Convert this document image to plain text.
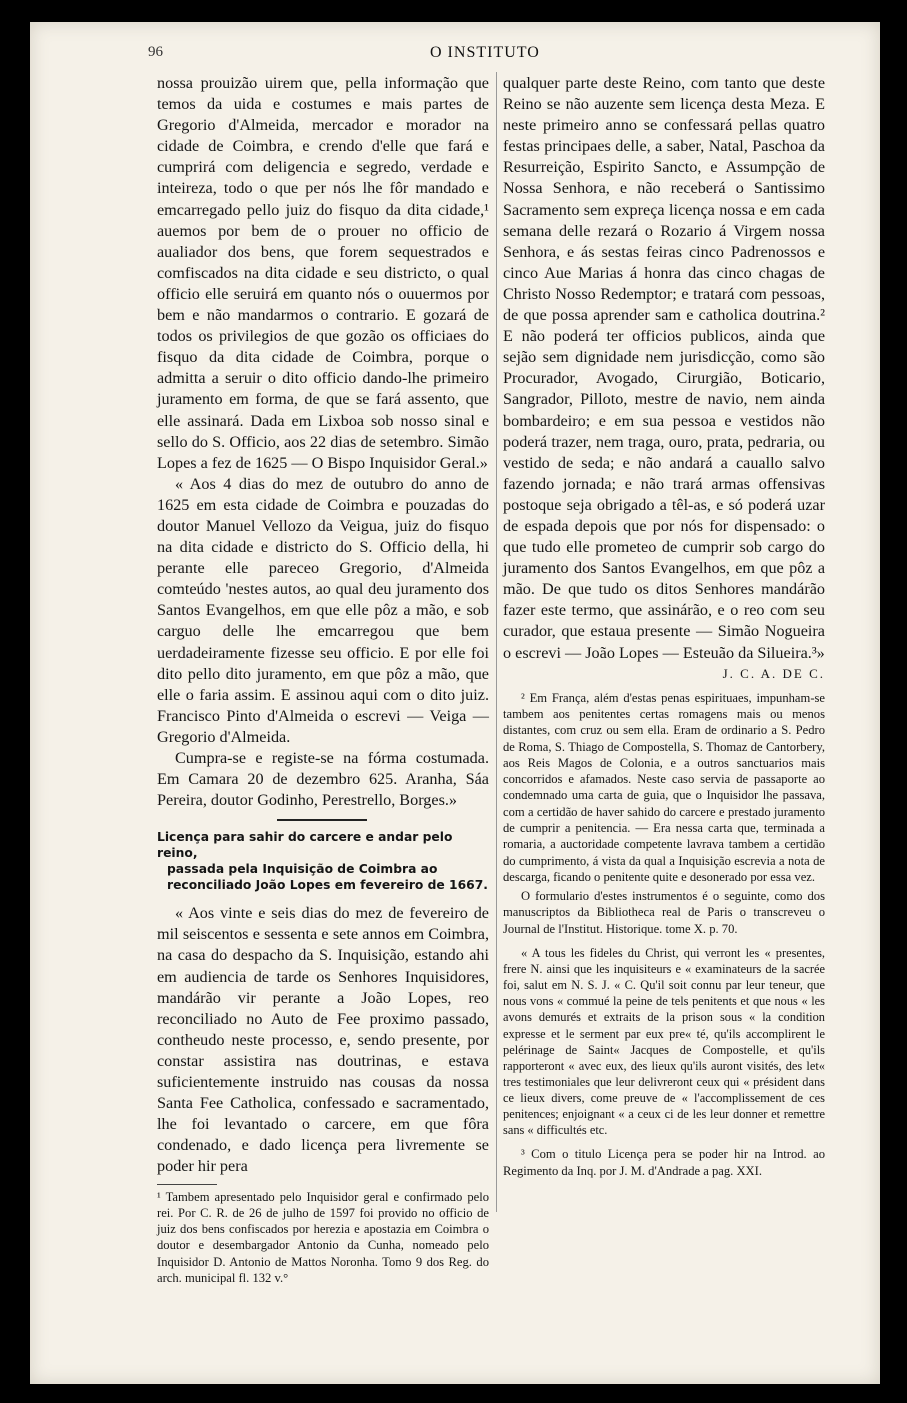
96	O INSTITUTO

nossa prouizão uirem que, pella informação que temos da uida e costumes e mais partes de Gregorio d'Almeida, mercador e morador na cidade de Coimbra, e crendo d'elle que fará e cumprirá com deligencia e segredo, verdade e inteireza, todo o que per nós lhe fôr mandado e emcarregado pello juiz do fisquo da dita cidade,¹ auemos por bem de o prouer no officio de aualiador dos bens, que forem sequestrados e comfiscados na dita cidade e seu districto, o qual officio elle seruirá em quanto nós o ouuermos por bem e não mandarmos o contrario. E gozará de todos os privilegios de que gozão os officiaes do fisquo da dita cidade de Coimbra, porque o admitta a seruir o dito officio dando-lhe primeiro juramento em forma, de que se fará assento, que elle assinará. Dada em Lixboa sob nosso sinal e sello do S. Officio, aos 22 dias de setembro. Simão Lopes a fez de 1625 — O Bispo Inquisidor Geral.»

« Aos 4 dias do mez de outubro do anno de 1625 em esta cidade de Coimbra e pouzadas do doutor Manuel Vellozo da Veigua, juiz do fisquo na dita cidade e districto do S. Officio della, hi perante elle pareceo Gregorio, d'Almeida comteúdo 'nestes autos, ao qual deu juramento dos Santos Evangelhos, em que elle pôz a mão, e sob carguo delle lhe emcarregou que bem uerdadeiramente fizesse seu officio. E por elle foi dito pello dito juramento, em que pôz a mão, que elle o faria assim. E assinou aqui com o dito juiz. Francisco Pinto d'Almeida o escrevi — Veiga — Gregorio d'Almeida.

Cumpra-se e registe-se na fórma costumada. Em Camara 20 de dezembro 625. Aranha, Sáa Pereira, doutor Godinho, Perestrello, Borges.»

Licença para sahir do carcere e andar pelo reino,
passada pela Inquisição de Coimbra ao reconciliado João Lopes em fevereiro de 1667.

« Aos vinte e seis dias do mez de fevereiro de mil seiscentos e sessenta e sete annos em Coimbra, na casa do despacho da S. Inquisição, estando ahi em audiencia de tarde os Senhores Inquisidores, mandárão vir perante a João Lopes, reo reconciliado no Auto de Fee proximo passado, contheudo neste processo, e, sendo presente, por constar assistira nas doutrinas, e estava suficientemente instruido nas cousas da nossa Santa Fee Catholica, confessado e sacramentado, lhe foi levantado o carcere, em que fôra condenado, e dado licença pera livremente se poder hir pera

¹ Tambem apresentado pelo Inquisidor geral e confirmado pelo rei. Por C. R. de 26 de julho de 1597 foi provido no officio de juiz dos bens confiscados por herezia e apostazia em Coimbra o doutor e desembargador Antonio da Cunha, nomeado pelo Inquisidor D. Antonio de Mattos Noronha. Tomo 9 dos Reg. do arch. municipal fl. 132 v.°

qualquer parte deste Reino, com tanto que deste Reino se não auzente sem licença desta Meza. E neste primeiro anno se confessará pellas quatro festas principaes delle, a saber, Natal, Paschoa da Resurreição, Espirito Sancto, e Assumpção de Nossa Senhora, e não receberá o Santissimo Sacramento sem expreça licença nossa e em cada semana delle rezará o Rozario á Virgem nossa Senhora, e ás sestas feiras cinco Padrenossos e cinco Aue Marias á honra das cinco chagas de Christo Nosso Redemptor; e tratará com pessoas, de que possa aprender sam e catholica doutrina.² E não poderá ter officios publicos, ainda que sejão sem dignidade nem jurisdicção, como são Procurador, Avogado, Cirurgião, Boticario, Sangrador, Pilloto, mestre de navio, nem ainda bombardeiro; e em sua pessoa e vestidos não poderá trazer, nem traga, ouro, prata, pedraria, ou vestido de seda; e não andará a cauallo salvo fazendo jornada; e não trará armas offensivas postoque seja obrigado a têl-as, e só poderá uzar de espada depois que por nós for dispensado: o que tudo elle prometeo de cumprir sob cargo do juramento dos Santos Evangelhos, em que pôz a mão. De que tudo os ditos Senhores mandárão fazer este termo, que assinárão, e o reo com seu curador, que estaua presente — Simão Nogueira o escrevi — João Lopes — Esteuão da Silueira.³»

J. C. A. DE C.

² Em França, além d'estas penas espirituaes, impunham-se tambem aos penitentes certas romagens mais ou menos distantes, com cruz ou sem ella. Eram de ordinario a S. Pedro de Roma, S. Thiago de Compostella, S. Thomaz de Cantorbery, aos Reis Magos de Colonia, e a outros sanctuarios mais concorridos e afamados. Neste caso servia de passaporte ao condemnado uma carta de guia, que o Inquisidor lhe passava, com a certidão de haver sahido do carcere e prestado juramento de cumprir a penitencia. — Era nessa carta que, terminada a romaria, a auctoridade competente lavrava tambem a certidão do cumprimento, á vista da qual a Inquisição escrevia a nota de descarga, ficando o penitente quite e desonerado por essa vez.

O formulario d'estes instrumentos é o seguinte, como dos manuscriptos da Bibliotheca real de Paris o transcreveu o Journal de l'Institut. Historique. tome X. p. 70.

« A tous les fideles du Christ, qui verront les « presentes, frere N. ainsi que les inquisiteurs e « examinateurs de la sacrée foi, salut em N. S. J. « C. Qu'il soit connu par leur teneur, que nous vons « commué la peine de tels penitents et que nous « les avons demurés et extraits de la prison sous « la condition expresse et le serment par eux pre« té, qu'ils accomplirent le pelérinage de Saint« Jacques de Compostelle, et qu'ils rapporteront « avec eux, des lieux qu'ils auront visités, des let« tres testimoniales que leur delivreront ceux qui « président dans ce lieux divers, come preuve de « l'accomplissement de ces penitences; enjoignant « a ceux ci de les leur donner et remettre sans « difficultés etc.

³ Com o titulo Licença pera se poder hir na Introd. ao Regimento da Inq. por J. M. d'Andrade a pag. XXI.
